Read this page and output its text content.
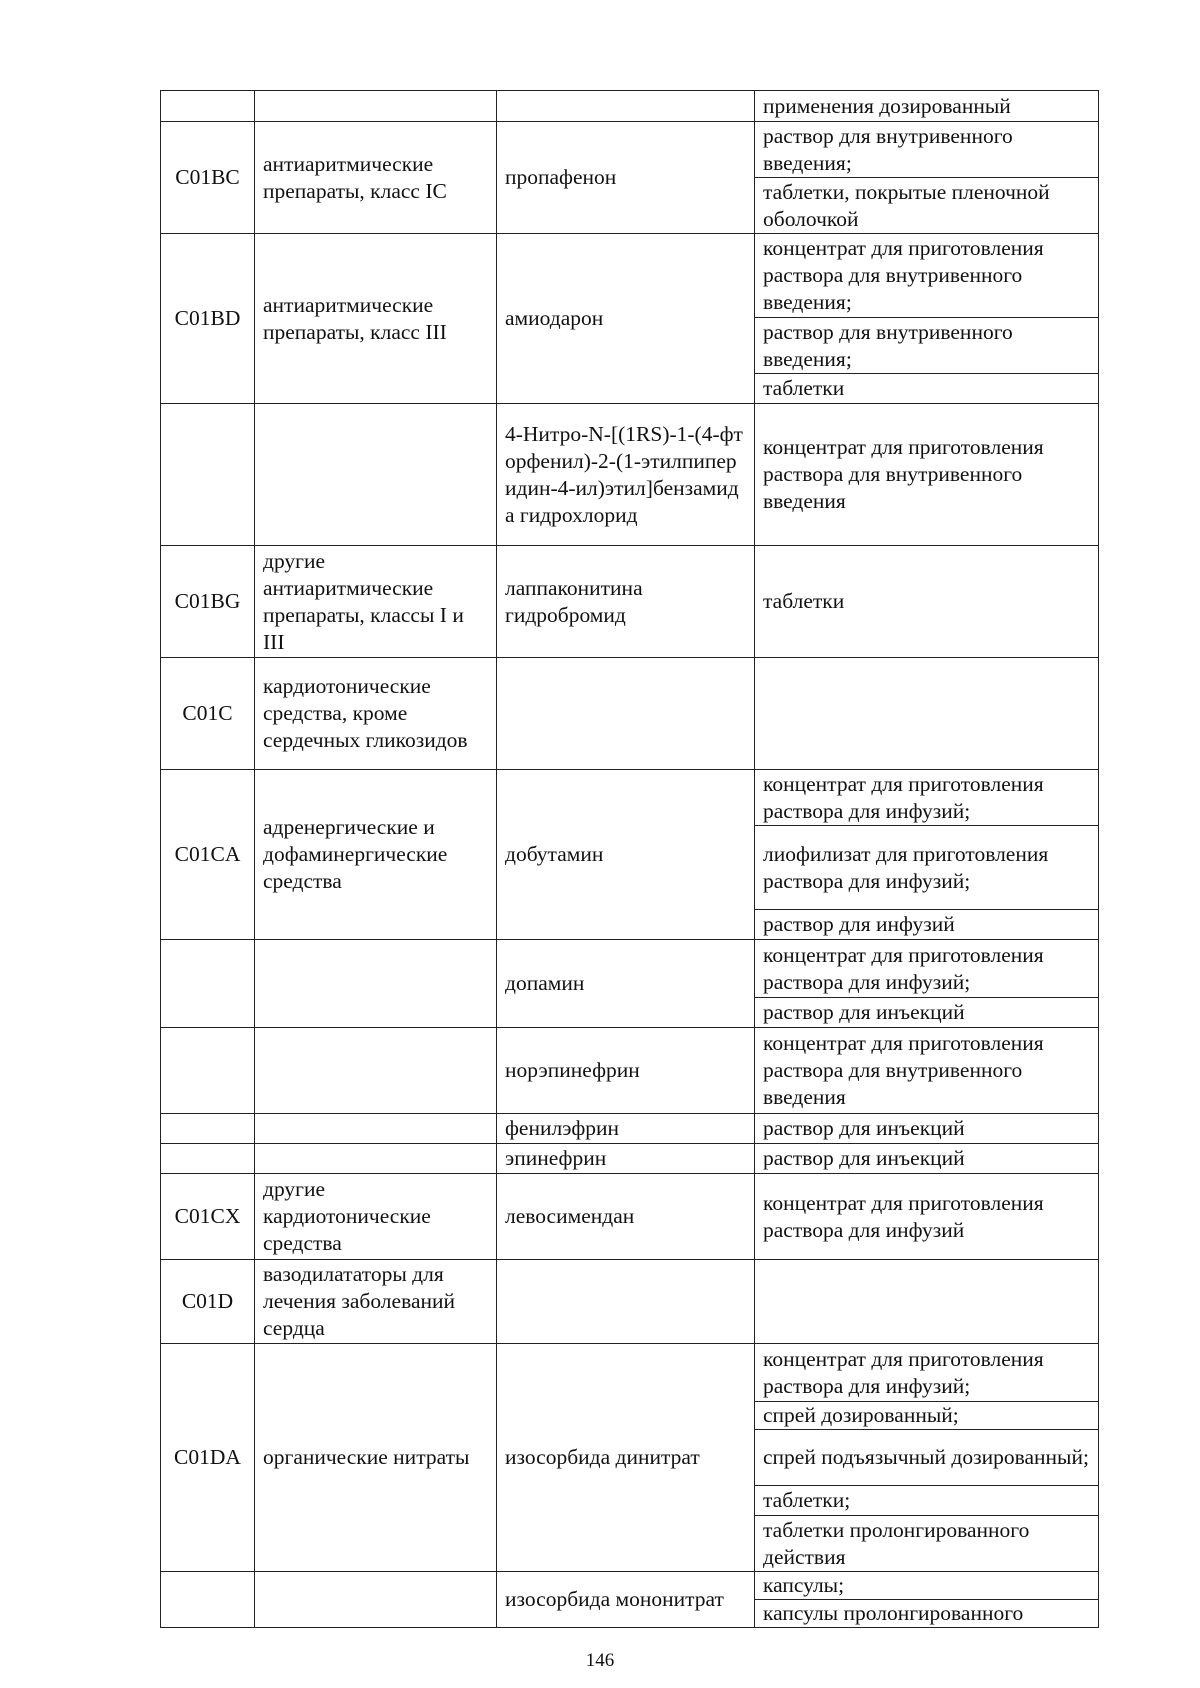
			применения дозированный
C01BC	антиаритмические препараты, класс IC	пропафенон	раствор для внутривенного введения;
			таблетки, покрытые пленочной оболочкой
C01BD	антиаритмические препараты, класс III	амиодарон	концентрат для приготовления раствора для внутривенного введения;
			раствор для внутривенного введения;
			таблетки
		4-Нитро-N-[(1RS)-1-(4-фторфенил)-2-(1-этилпиперидин-4-ил)этил]бензамида гидрохлорид	концентрат для приготовления раствора для внутривенного введения
C01BG	другие антиаритмические препараты, классы I и III	лаппаконитина гидробромид	таблетки
C01C	кардиотонические средства, кроме сердечных гликозидов		
C01CA	адренергические и дофаминергические средства	добутамин	концентрат для приготовления раствора для инфузий;
			лиофилизат для приготовления раствора для инфузий;
			раствор для инфузий
		допамин	концентрат для приготовления раствора для инфузий;
			раствор для инъекций
		норэпинефрин	концентрат для приготовления раствора для внутривенного введения
		фенилэфрин	раствор для инъекций
		эпинефрин	раствор для инъекций
C01CX	другие кардиотонические средства	левосимендан	концентрат для приготовления раствора для инфузий
C01D	вазодилататоры для лечения заболеваний сердца		
C01DA	органические нитраты	изосорбида динитрат	концентрат для приготовления раствора для инфузий;
			спрей дозированный;
			спрей подъязычный дозированный;
			таблетки;
			таблетки пролонгированного действия
		изосорбида мононитрат	капсулы;
			капсулы пролонгированного
146
